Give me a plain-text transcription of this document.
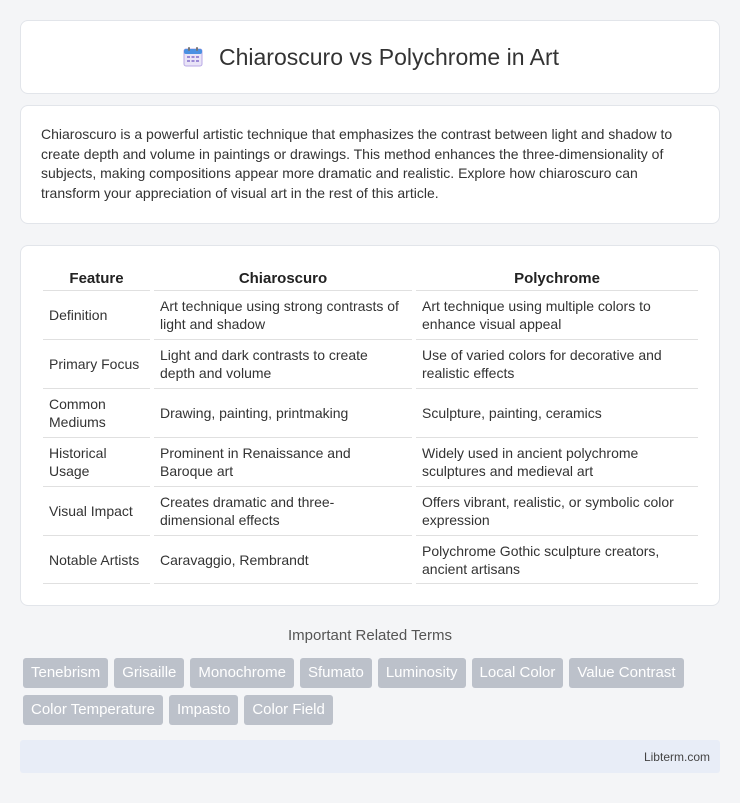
Chiaroscuro vs Polychrome in Art

Chiaroscuro is a powerful artistic technique that emphasizes the contrast between light and shadow to create depth and volume in paintings or drawings. This method enhances the three-dimensionality of subjects, making compositions appear more dramatic and realistic. Explore how chiaroscuro can transform your appreciation of visual art in the rest of this article.

Feature		Chiaroscuro		Polychrome
Definition		Art technique using strong contrasts of light and shadow		Art technique using multiple colors to enhance visual appeal
Primary Focus		Light and dark contrasts to create depth and volume		Use of varied colors for decorative and realistic effects
Common Mediums		Drawing, painting, printmaking		Sculpture, painting, ceramics
Historical Usage		Prominent in Renaissance and Baroque art		Widely used in ancient polychrome sculptures and medieval art
Visual Impact		Creates dramatic and three-dimensional effects		Offers vibrant, realistic, or symbolic color expression
Notable Artists		Caravaggio, Rembrandt		Polychrome Gothic sculpture creators, ancient artisans
Important Related Terms
Tenebrism	Grisaille	Monochrome	Sfumato	Luminosity	Local Color	Value Contrast
Color Temperature	Impasto	Color Field
Libterm.com
